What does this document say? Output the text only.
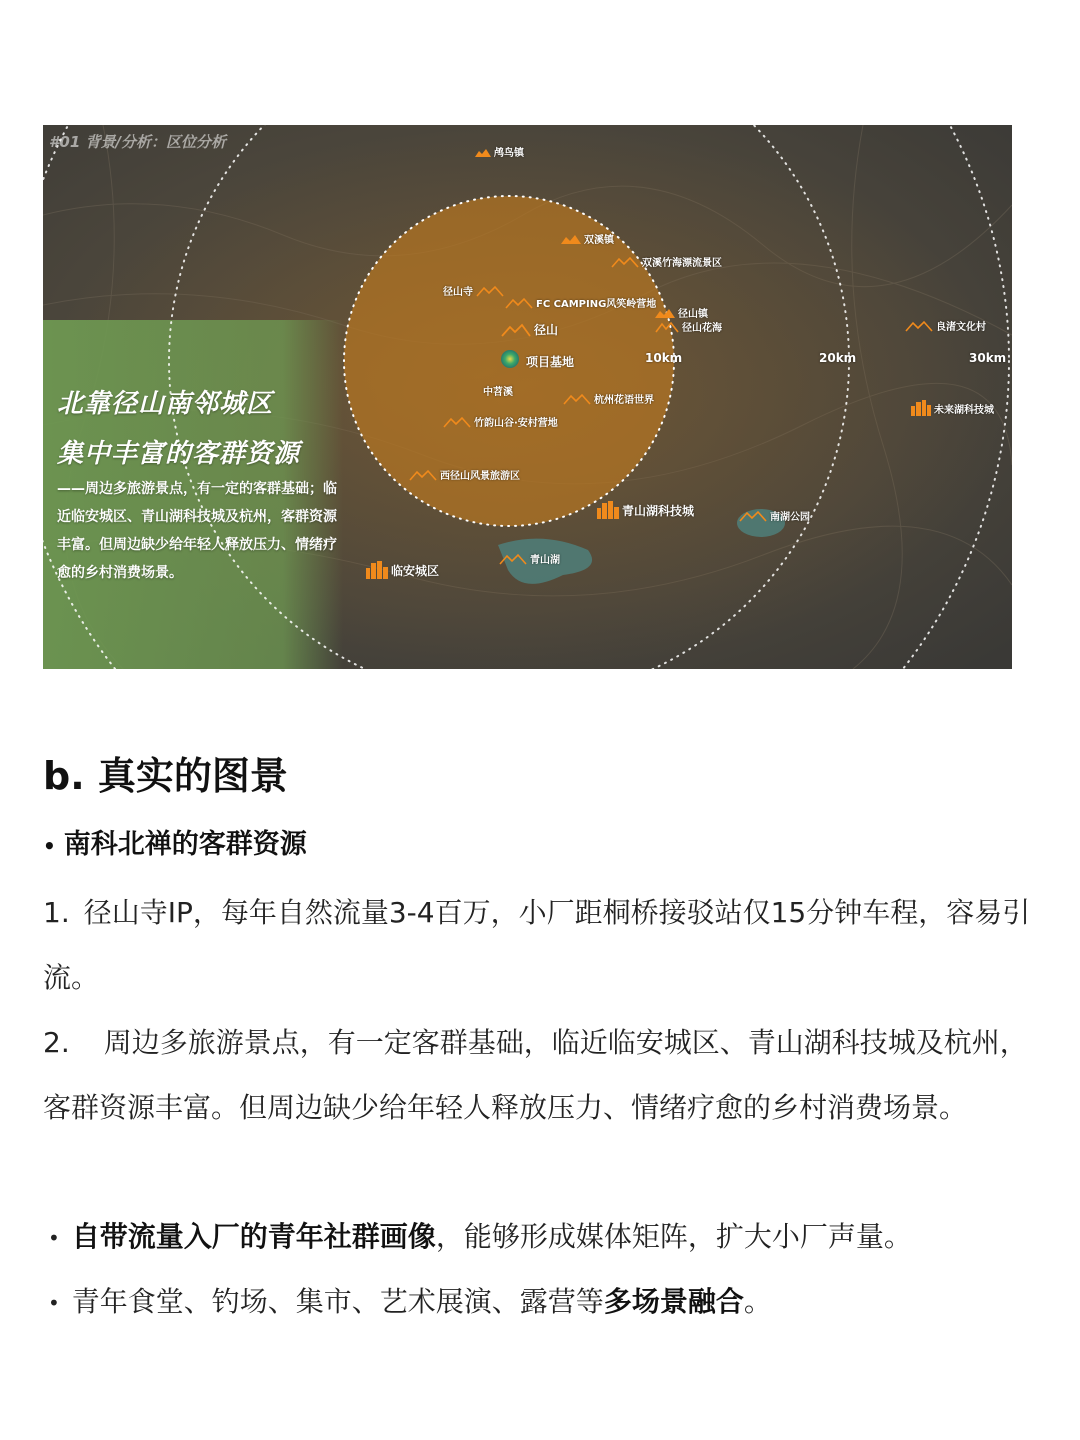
#01 背景/分析：区位分析
北靠径山南邻城区
集中丰富的客群资源
——周边多旅游景点，有一定的客群基础；临近临安城区、青山湖科技城及杭州，客群资源丰富。但周边缺少给年轻人释放压力、情绪疗愈的乡村消费场景。
10km	20km	30km
项目基地
鸬鸟镇
双溪镇
双溪竹海漂流景区
径山寺
FC CAMPING风笑岭营地
径山镇
径山花海
径山	良渚文化村
中苕溪
杭州花语世界
未来湖科技城
竹韵山谷·安村营地
西径山风景旅游区
青山湖科技城	南湖公园
临安城区
青山湖
b. 真实的图景
• 南科北禅的客群资源
1. 径山寺IP，每年自然流量3-4百万，小厂距桐桥接驳站仅15分钟车程，容易引流。
2. 周边多旅游景点，有一定客群基础，临近临安城区、青山湖科技城及杭州，客群资源丰富。但周边缺少给年轻人释放压力、情绪疗愈的乡村消费场景。
• 自带流量入厂的青年社群画像，能够形成媒体矩阵，扩大小厂声量。
• 青年食堂、钓场、集市、艺术展演、露营等多场景融合。
